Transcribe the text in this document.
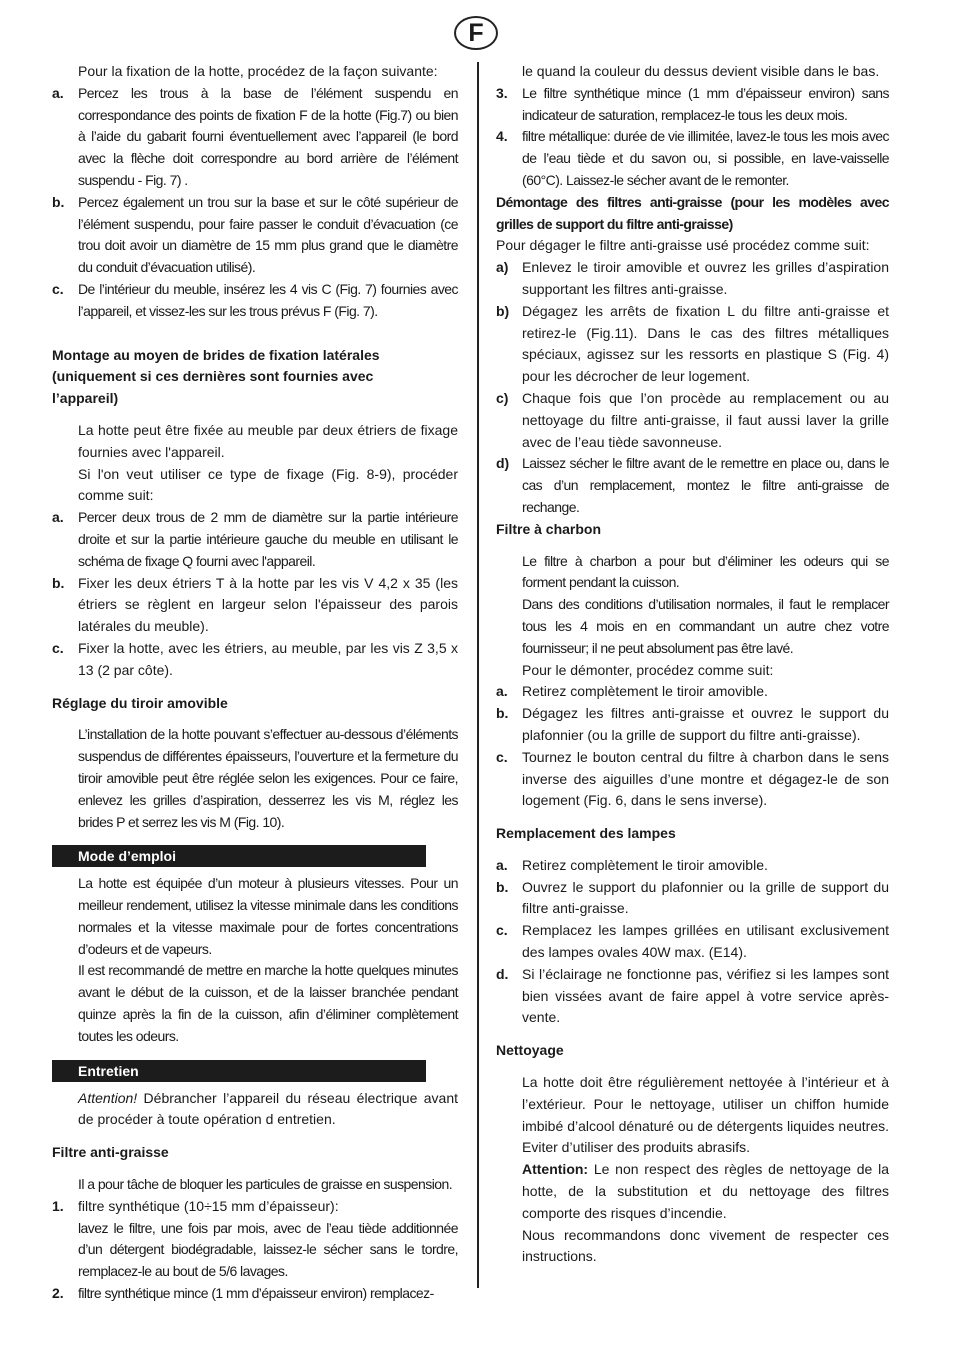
F

Pour la fixation de la hotte, procédez de la façon suivante:

a.	Percez les trous à la base de l’élément suspendu en correspondance des points de fixation F de la hotte (Fig.7) ou bien à l’aide du gabarit fourni éventuellement avec l’appareil (le bord avec la flèche doit correspondre au bord arrière de l’élément suspendu - Fig. 7) .
b. Percez également un trou sur la base et sur le côté supérieur de l’élément suspendu, pour faire passer le conduit d’évacuation (ce trou doit avoir un diamètre de 15 mm plus grand que le diamètre du conduit d’évacuation utilisé).
c.	De l’intérieur du meuble, insérez les 4 vis C (Fig. 7) fournies avec l’appareil, et vissez-les sur les trous prévus F (Fig. 7).

Montage au moyen de brides de fixation latérales (uniquement si ces dernières sont fournies avec l’appareil)

La hotte peut être fixée au meuble par deux étriers de fixage fournies avec l'appareil.

Si l'on veut utiliser ce type de fixage (Fig. 8-9), procéder comme suit:

a.	Percer deux trous de 2 mm de diamètre sur la partie intérieure droite et sur la partie intérieure gauche du meuble en utilisant le schéma de fixage Q fourni avec l'appareil.
b. Fixer les deux étriers T à la hotte par les vis V 4,2 x 35 (les étriers se règlent en largeur selon l'épaisseur des parois latérales du meuble).
c.	Fixer la hotte, avec les étriers, au meuble, par les vis Z 3,5 x 13 (2 par côte).

Réglage du tiroir amovible

L’installation de la hotte pouvant s’effectuer au-dessous d’éléments suspendus de différentes épaisseurs, l’ouverture et la fermeture du tiroir amovible peut être réglée selon les exigences. Pour ce faire, enlevez les grilles d’aspiration, desserrez les vis M, réglez les brides P et serrez les vis M (Fig. 10).

Mode d’emploi

La hotte est équipée d’un moteur à plusieurs vitesses. Pour un meilleur rendement, utilisez la vitesse minimale dans les conditions normales et la vitesse maximale pour de fortes concentrations d’odeurs et de vapeurs.

Il est recommandé de mettre en marche la hotte quelques minutes avant le début de la cuisson, et de la laisser branchée pendant quinze après la fin de la cuisson, afin d’éliminer complètement toutes les odeurs.

Entretien

Attention! Débrancher l’appareil du réseau électrique avant de procéder à toute opération d entretien.

Filtre anti-graisse

Il a pour tâche de bloquer les particules de graisse en suspension.

1.	filtre synthétique (10÷15 mm d’épaisseur):
lavez le filtre, une fois par mois, avec de l’eau tiède additionnée d’un détergent biodégradable, laissez-le sécher sans le tordre, remplacez-le au bout de 5/6 lavages.
2.	filtre synthétique mince (1 mm d’épaisseur environ) remplacez-

le quand la couleur du dessus devient visible dans le bas.

3.	Le filtre synthétique mince (1 mm d’épaisseur environ) sans indicateur de saturation, remplacez-le tous les deux mois.
4.	filtre métallique: durée de vie illimitée, lavez-le tous les mois avec de l’eau tiède et du savon ou, si possible, en lave-vaisselle (60°C). Laissez-le sécher avant de le remonter.

Démontage des filtres anti-graisse (pour les modèles avec grilles de support du filtre anti-graisse)

Pour dégager le filtre anti-graisse usé procédez comme suit:

a) Enlevez le tiroir amovible et ouvrez les grilles d’aspiration supportant les filtres anti-graisse.
b) Dégagez les arrêts de fixation L du filtre anti-graisse et retirez-le (Fig.11). Dans le cas des filtres métalliques spéciaux, agissez sur les ressorts en plastique S (Fig. 4) pour les décrocher de leur logement.
c) Chaque fois que l’on procède au remplacement ou au nettoyage du filtre anti-graisse, il faut aussi laver la grille avec de l’eau tiède savonneuse.
d) Laissez sécher le filtre avant de le remettre en place ou, dans le cas d’un remplacement, montez le filtre anti-graisse de rechange.

Filtre à charbon

Le filtre à charbon a pour but d’éliminer les odeurs qui se forment pendant la cuisson.

Dans des conditions d’utilisation normales, il faut le remplacer tous les 4 mois en en commandant un autre chez votre fournisseur; il ne peut absolument pas être lavé.

Pour le démonter, procédez comme suit:

a.	Retirez complètement le tiroir amovible.
b. Dégagez les filtres anti-graisse et ouvrez le support du plafonnier (ou la grille de support du filtre anti-graisse).
c.	Tournez le bouton central du filtre à charbon dans le sens inverse des aiguilles d’une montre et dégagez-le de son logement (Fig. 6, dans le sens inverse).

Remplacement des lampes

a.	Retirez complètement le tiroir amovible.
b. Ouvrez le support du plafonnier ou la grille de support du filtre anti-graisse.
c.	Remplacez les lampes grillées en utilisant exclusivement des lampes ovales 40W max. (E14).
d. Si l’éclairage ne fonctionne pas, vérifiez si les lampes sont bien vissées avant de faire appel à votre service après-vente.

Nettoyage

La hotte doit être régulièrement nettoyée à l’intérieur et à l’extérieur. Pour le nettoyage, utiliser un chiffon humide imbibé d’alcool dénaturé ou de détergents liquides neutres. Eviter d’utiliser des produits abrasifs.

Attention: Le non respect des règles de nettoyage de la hotte, de la substitution et du nettoyage des filtres comporte des risques d’incendie.

Nous recommandons donc vivement de respecter ces instructions.
